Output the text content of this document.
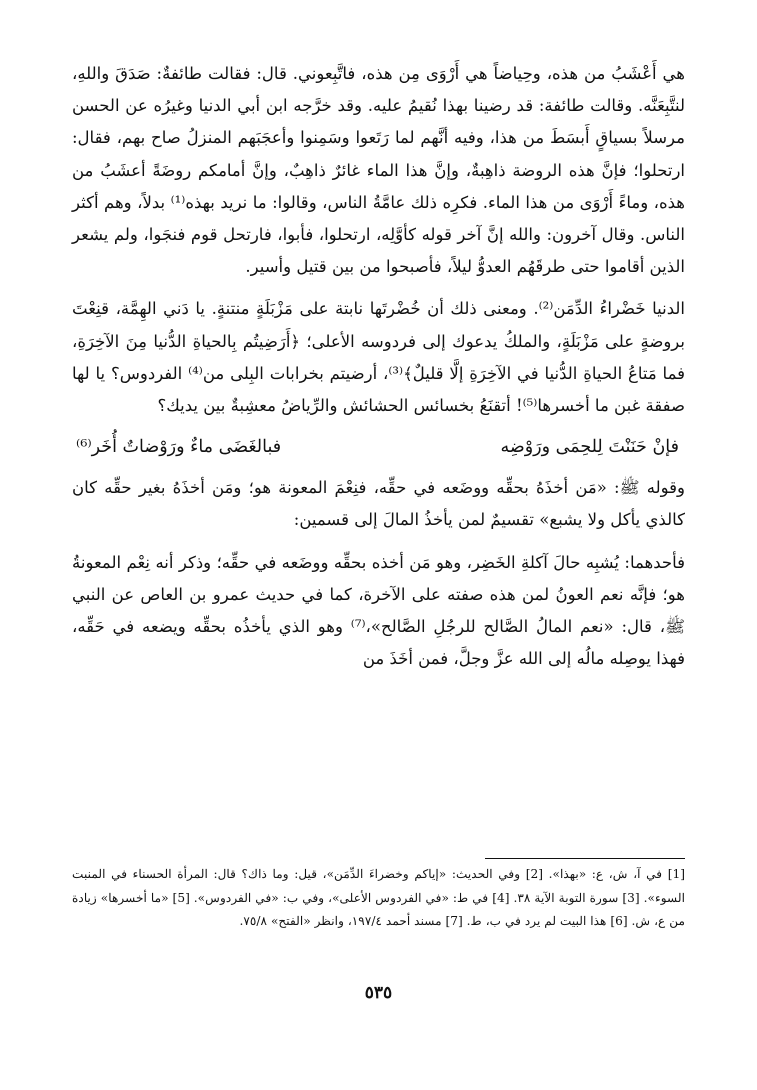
هي أَعْشَبُ من هذه، وحِياضاً هي أَرْوَى مِن هذه، فاتَّبِعوني. قال: فقالت طائفةٌ: صَدَقَ واللهِ، لنتَّبِعَنَّه. وقالت طائفة: قد رضينا بهذا نُقيمُ عليه. وقد خرَّجه ابن أبي الدنيا وغيرُه عن الحسن مرسلاً بسياقٍ أَبسَطَ من هذا، وفيه أنَّهم لما رَتَعوا وسَمِنوا وأعجَبَهم المنزلُ صاح بهم، فقال: ارتحلوا؛ فإنَّ هذه الروضة ذاهِبةٌ، وإنَّ هذا الماء غائرٌ ذاهِبٌ، وإنَّ أمامكم روضَةً أعشَبُ من هذه، وماءً أَرْوَى من هذا الماء. فكرِه ذلك عامَّةُ الناس، وقالوا: ما نريد بهذه⁽¹⁾ بدلاً، وهم أكثر الناس. وقال آخرون: والله إنَّ آخر قوله كأوَّلِه، ارتحلوا، فأبوا، فارتحل قوم فنجَوا، ولم يشعر الذين أقاموا حتى طرقَهُم العدوُّ ليلاً، فأصبحوا من بين قتيل وأسير.

الدنيا خَضْراءُ الدِّمَن⁽²⁾. ومعنى ذلك أن خُضْرتَها نابتة على مَزْبَلَةٍ منتنةٍ. يا دَني الهِمَّة، قنِعْتَ بروضةٍ على مَزْبَلَةٍ، والملكُ يدعوك إلى فردوسه الأعلى؛ ﴿أَرَضِيتُم بِالحياةِ الدُّنيا مِنَ الآخِرَةِ، فما مَتاعُ الحياةِ الدُّنيا في الآخِرَةِ إلَّا قليلٌ﴾⁽³⁾، أرضيتم بخرابات البِلى من⁽⁴⁾ الفردوس؟ يا لها صفقة غبن ما أخسرها⁽⁵⁾! أتقنَعُ بخسائس الحشائش والرِّياضُ معشِبةٌ بين يديك؟

فإنْ حَنَنْتَ لِلحِمَى ورَوْضِه
فبالغَضَى ماءٌ ورَوْضاتٌ أُخَر⁽⁶⁾

وقوله ﷺ: «مَن أخذَهُ بحقِّه ووضَعه في حقِّه، فنِعْمَ المعونة هو؛ ومَن أخذَهُ بغير حقِّه كان كالذي يأكل ولا يشبع» تقسيمٌ لمن يأخذُ المالَ إلى قسمين:

فأحدهما: يُشبِه حالَ آكلةِ الخَضِر، وهو مَن أخذه بحقِّه ووضَعه في حقِّه؛ وذكر أنه نِعْم المعونةُ هو؛ فإنَّه نعم العونُ لمن هذه صفته على الآخرة، كما في حديث عمرو بن العاص عن النبي ﷺ، قال: «نعم المالُ الصَّالح للرجُلِ الصَّالح»،⁽⁷⁾ وهو الذي يأخذُه بحقِّه ويضعه في حَقِّه، فهذا يوصِله مالُه إلى الله عزَّ وجلَّ، فمن أخَذَ من

[1] في آ، ش، ع: «بهذا». [2] وفي الحديث: «إياكم وخضراءَ الدِّمَن»، قيل: وما ذاك؟ قال: المرأة الحسناء في المنبت السوء». [3] سورة التوبة الآية ٣٨. [4] في ط: «في الفردوس الأعلى»، وفي ب: «في الفردوس». [5] «ما أخسرها» زيادة من ع، ش. [6] هذا البيت لم يرد في ب، ط. [7] مسند أحمد ١٩٧/٤، وانظر «الفتح» ٧٥/٨.
٥٣٥
